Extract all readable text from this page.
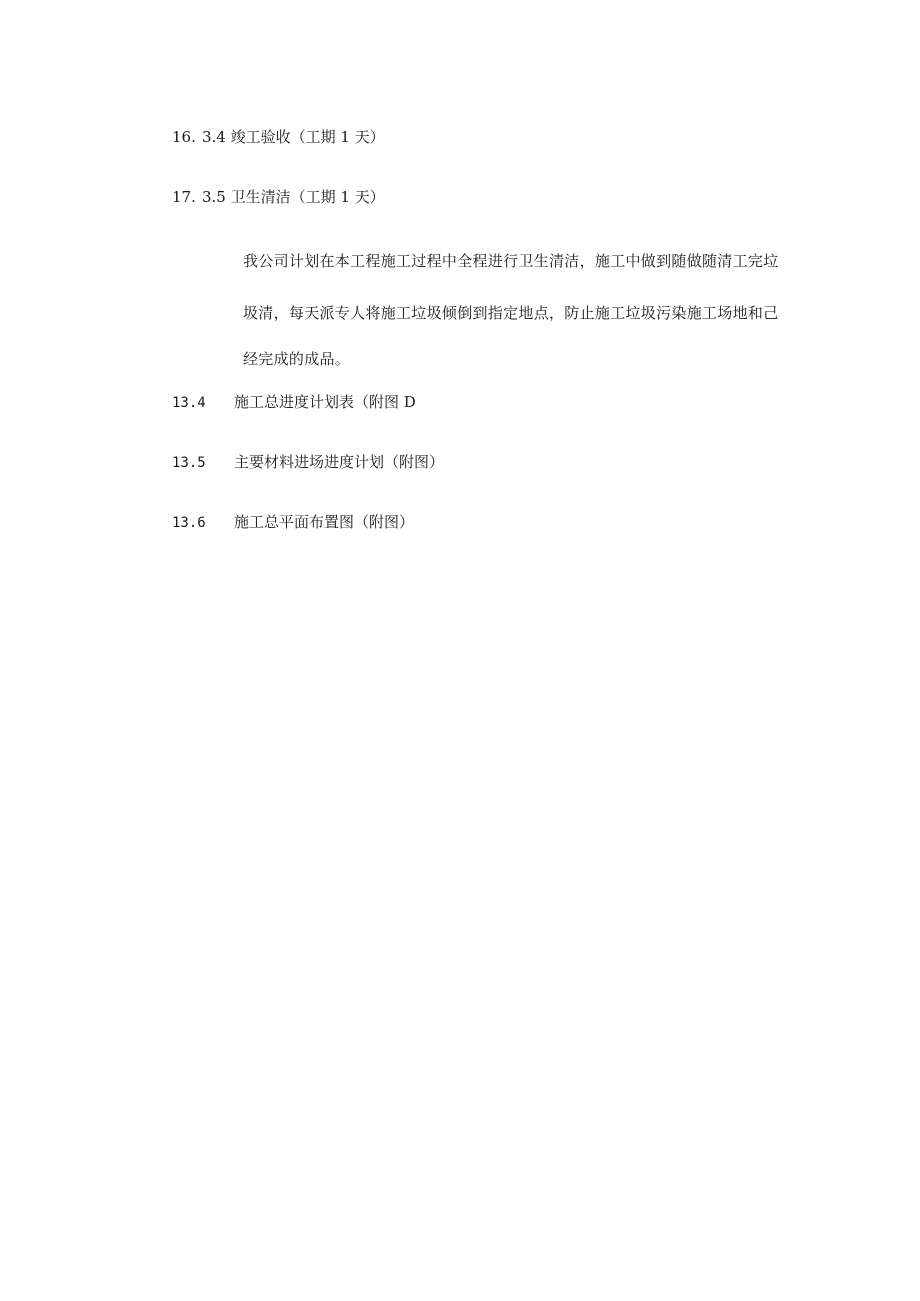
16. 3.4 竣工验收（工期 1 天）
17. 3.5 卫生清洁（工期 1 天）
我公司计划在本工程施工过程中全程进行卫生清洁，施工中做到随做随清工完垃
圾清，每天派专人将施工垃圾倾倒到指定地点，防止施工垃圾污染施工场地和己
经完成的成品。
13.4 施工总进度计划表（附图 D
13.5 主要材料进场进度计划（附图）
13.6 施工总平面布置图（附图）
